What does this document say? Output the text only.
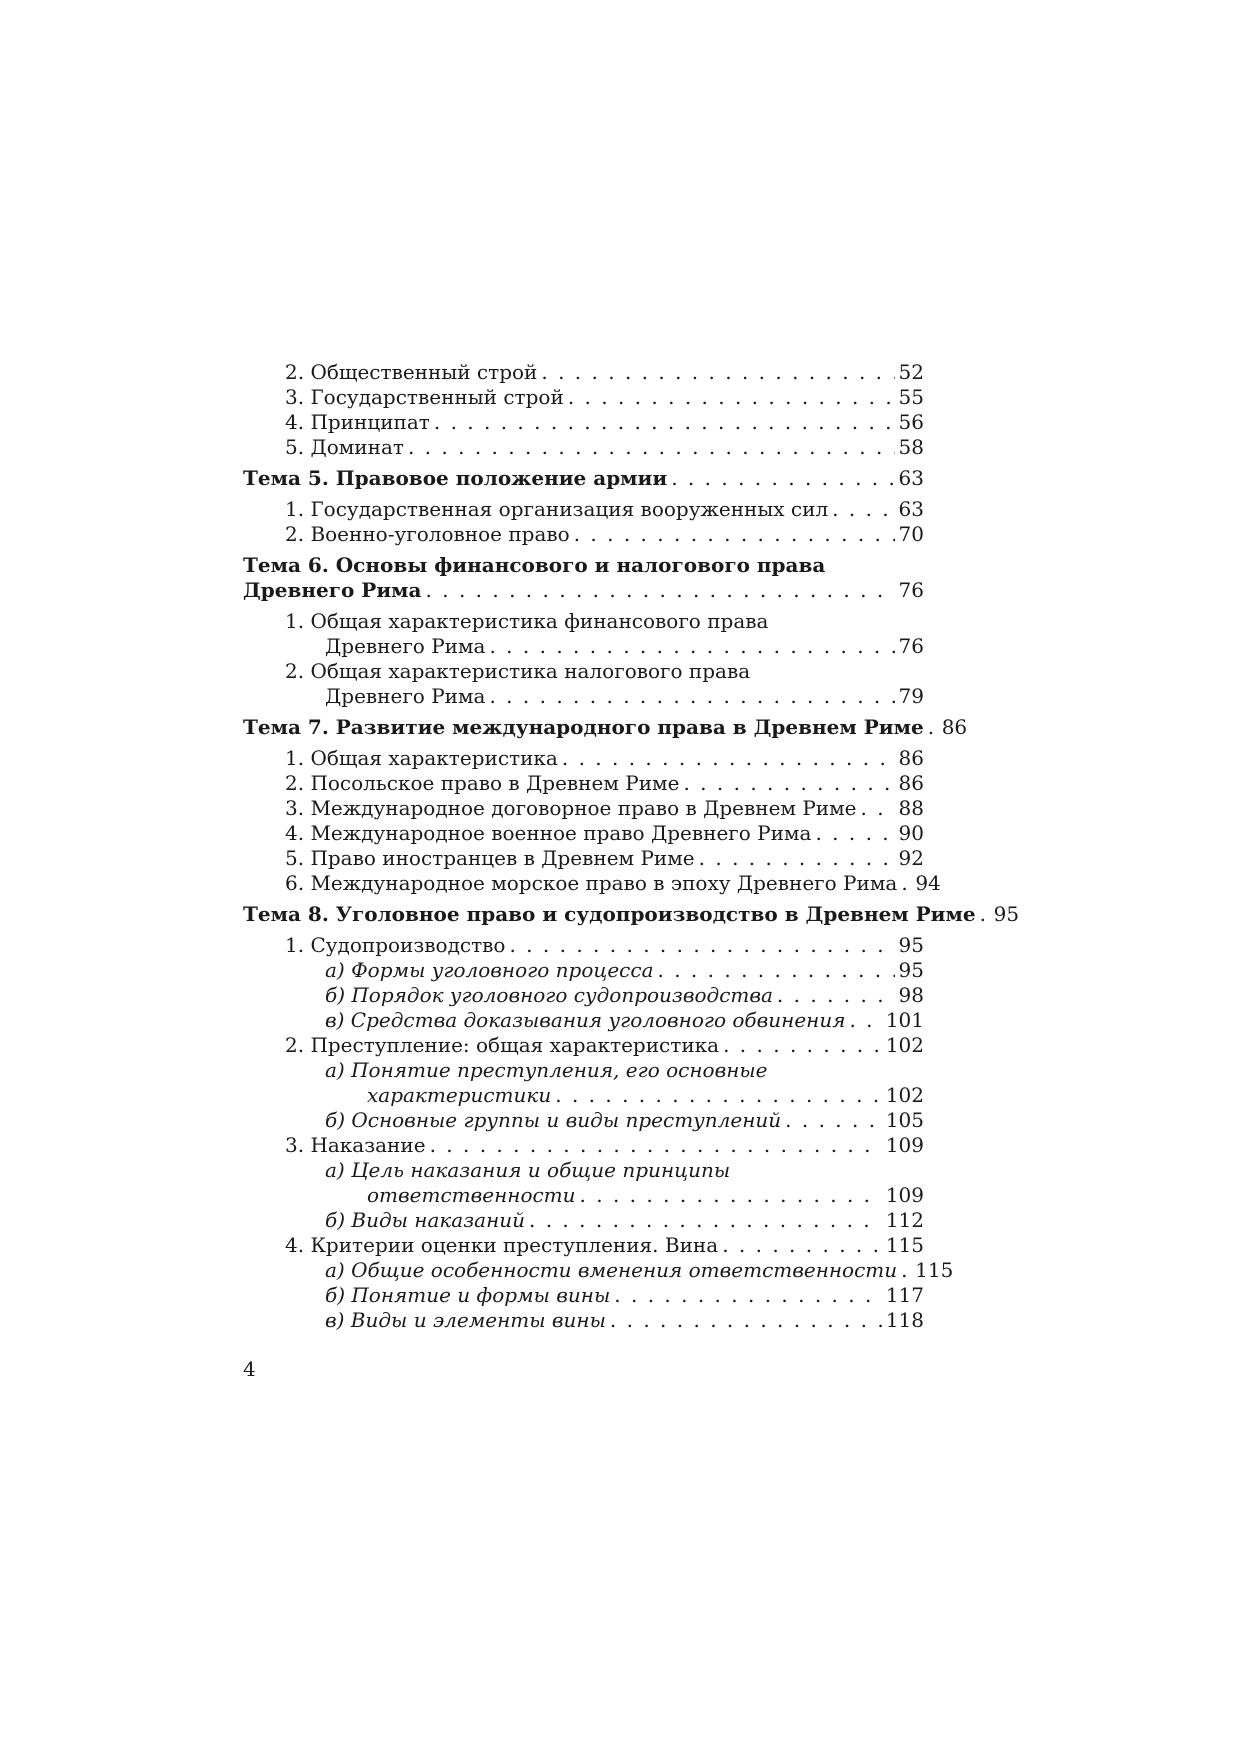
2. Общественный строй . . .	52
3. Государственный строй . . .	55
4. Принципат . . .	56
5. Доминат . . .	58
Тема 5. Правовое положение армии . . .	63
1. Государственная организация вооруженных сил . . .	63
2. Военно-уголовное право . . .	70
Тема 6. Основы финансового и налогового права
Древнего Рима . . .	76
1. Общая характеристика финансового права
Древнего Рима . . .	76
2. Общая характеристика налогового права
Древнего Рима . . .	79
Тема 7. Развитие международного права в Древнем Риме . . . 86
1. Общая характеристика . . .	86
2. Посольское право в Древнем Риме . . .	86
3. Международное договорное право в Древнем Риме . . . 88
4. Международное военное право Древнего Рима . . .	90
5. Право иностранцев в Древнем Риме . . .	92
6. Международное морское право в эпоху Древнего Рима . . . 94
Тема 8. Уголовное право и судопроизводство в Древнем Риме . . . 95
1. Судопроизводство . . .	95
а) Формы уголовного процесса . . .	95
б) Порядок уголовного судопроизводства . . .	98
в) Средства доказывания уголовного обвинения . . . 101
2. Преступление: общая характеристика . . .	102
а) Понятие преступления, его основные
характеристики . . .	102
б) Основные группы и виды преступлений . . .	105
3. Наказание . . .	109
а) Цель наказания и общие принципы
ответственности . . .	109
б) Виды наказаний . . .	112
4. Критерии оценки преступления. Вина . . .	115
а) Общие особенности вменения ответственности . . . 115
б) Понятие и формы вины . . .	117
в) Виды и элементы вины . . .	118
4
